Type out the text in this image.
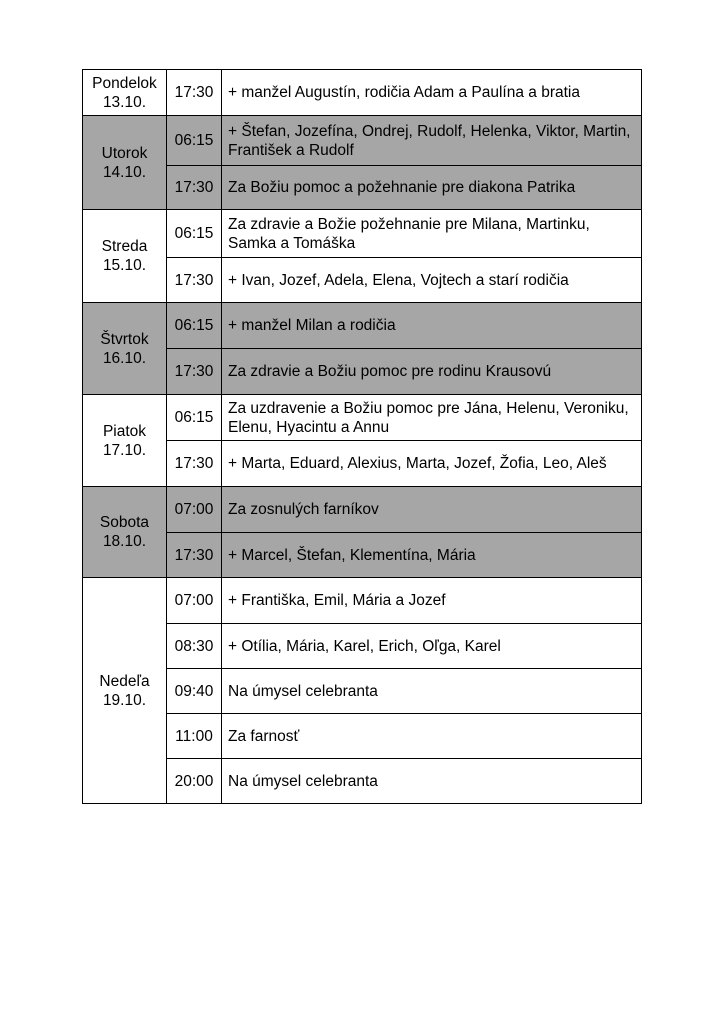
Pondelok
13.10.	17:30	+ manžel Augustín, rodičia Adam a Paulína a bratia

Utorok
14.10.	06:15	+ Štefan, Jozefína, Ondrej, Rudolf, Helenka, Viktor, Martin, František a Rudolf
	17:30	Za Božiu pomoc a požehnanie pre diakona Patrika

Streda
15.10.	06:15	Za zdravie a Božie požehnanie pre Milana, Martinku, Samka a Tomáška
	17:30	+ Ivan, Jozef, Adela, Elena, Vojtech a starí rodičia

Štvrtok
16.10.	06:15	+ manžel Milan a rodičia
	17:30	Za zdravie a Božiu pomoc pre rodinu Krausovú

Piatok
17.10.	06:15	Za uzdravenie a Božiu pomoc pre Jána, Helenu, Veroniku, Elenu, Hyacintu a Annu
	17:30	+ Marta, Eduard, Alexius, Marta, Jozef, Žofia, Leo, Aleš

Sobota
18.10.	07:00	Za zosnulých farníkov
	17:30	+ Marcel, Štefan, Klementína, Mária

Nedeľa
19.10.	07:00	+ Františka, Emil, Mária a Jozef
	08:30	+ Otília, Mária, Karel, Erich, Oľga, Karel
	09:40	Na úmysel celebranta
	11:00	Za farnosť
	20:00	Na úmysel celebranta
